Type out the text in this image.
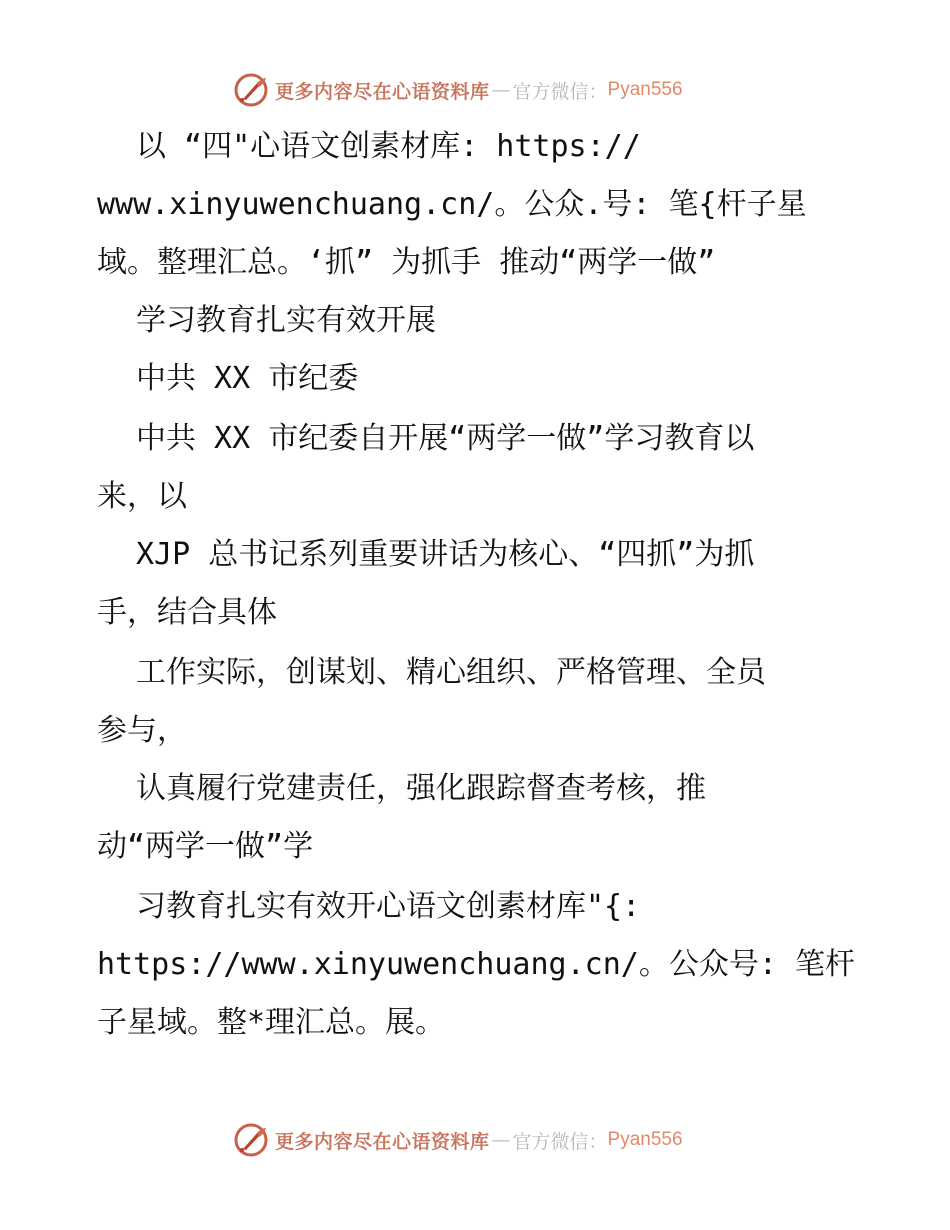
更多内容尽在心语资料库 — 官方微信： Pyan556
以 “四"心语文创素材库: https://
www.xinyuwenchuang.cn/。公众.号: 笔{杆子星
域。整理汇总。‘抓” 为抓手 推动“两学一做”
学习教育扎实有效开展
中共 XX 市纪委
中共 XX 市纪委自开展“两学一做”学习教育以
来，以
XJP 总书记系列重要讲话为核心、“四抓”为抓
手，结合具体
工作实际，创谋划、精心组织、严格管理、全员
参与，
认真履行党建责任，强化跟踪督查考核，推
动“两学一做”学
习教育扎实有效开心语文创素材库"{:
https://www.xinyuwenchuang.cn/。公众号: 笔杆
子星域。整*理汇总。展。
更多内容尽在心语资料库 — 官方微信： Pyan556
